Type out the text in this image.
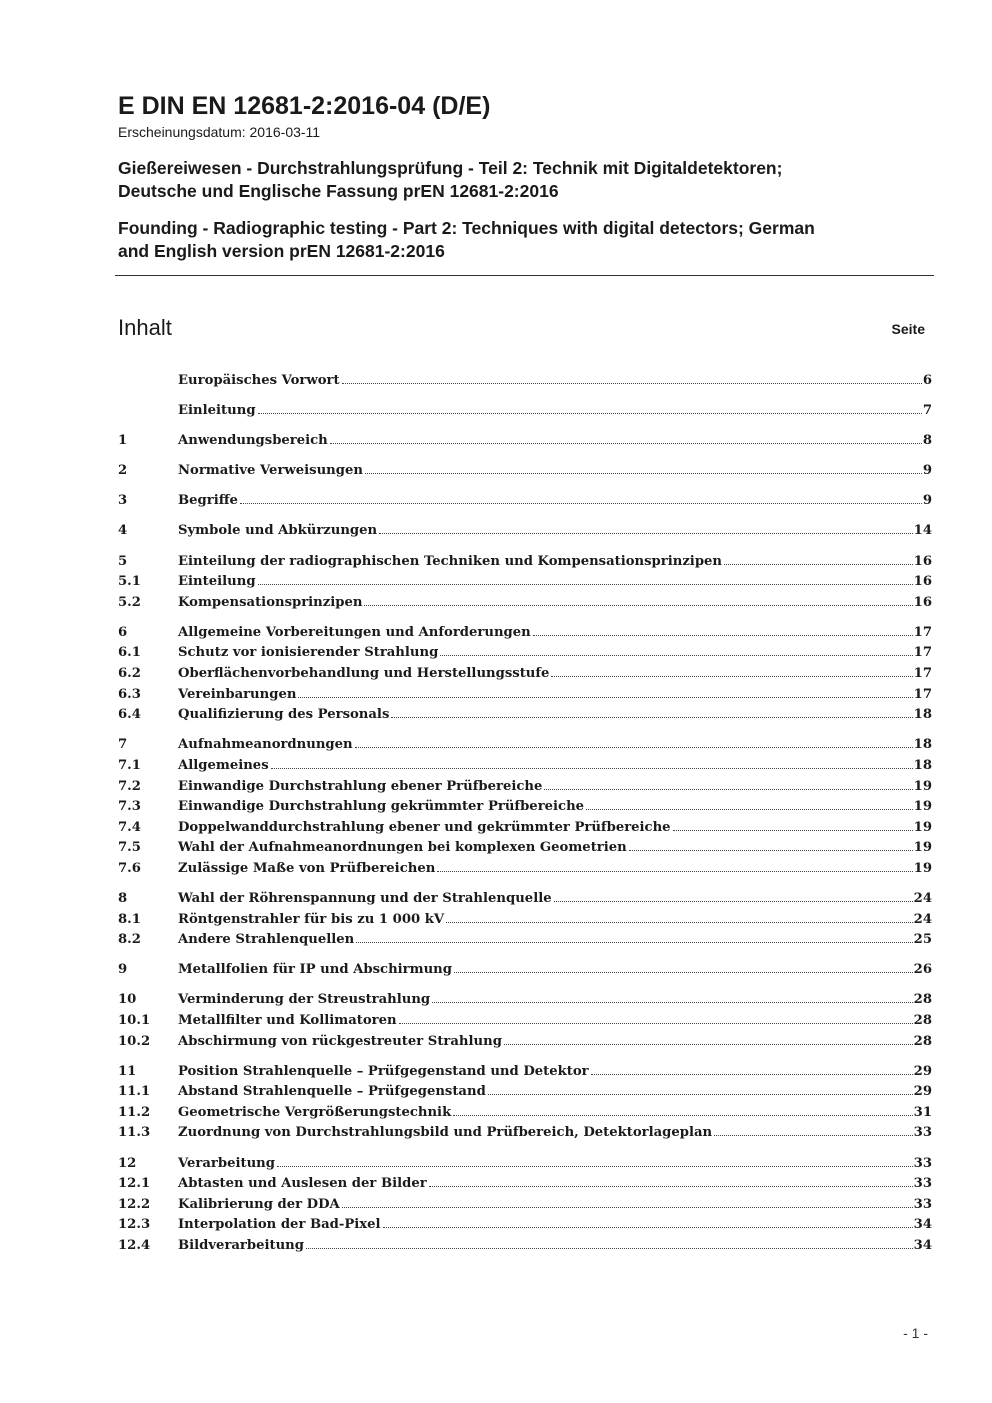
E DIN EN 12681-2:2016-04 (D/E)
Erscheinungsdatum: 2016-03-11
Gießereiwesen - Durchstrahlungsprüfung - Teil 2: Technik mit Digitaldetektoren;
Deutsche und Englische Fassung prEN 12681-2:2016
Founding - Radiographic testing - Part 2: Techniques with digital detectors; German
and English version prEN 12681-2:2016
Inhalt	Seite
Europäisches Vorwort	6
Einleitung	7
1	Anwendungsbereich	8
2	Normative Verweisungen	9
3	Begriffe	9
4	Symbole und Abkürzungen	14
5	Einteilung der radiographischen Techniken und Kompensationsprinzipen	16
5.1	Einteilung	16
5.2	Kompensationsprinzipen	16
6	Allgemeine Vorbereitungen und Anforderungen	17
6.1	Schutz vor ionisierender Strahlung	17
6.2	Oberflächenvorbehandlung und Herstellungsstufe	17
6.3	Vereinbarungen	17
6.4	Qualifizierung des Personals	18
7	Aufnahmeanordnungen	18
7.1	Allgemeines	18
7.2	Einwandige Durchstrahlung ebener Prüfbereiche	19
7.3	Einwandige Durchstrahlung gekrümmter Prüfbereiche	19
7.4	Doppelwanddurchstrahlung ebener und gekrümmter Prüfbereiche	19
7.5	Wahl der Aufnahmeanordnungen bei komplexen Geometrien	19
7.6	Zulässige Maße von Prüfbereichen	19
8	Wahl der Röhrenspannung und der Strahlenquelle	24
8.1	Röntgenstrahler für bis zu 1 000 kV	24
8.2	Andere Strahlenquellen	25
9	Metallfolien für IP und Abschirmung	26
10	Verminderung der Streustrahlung	28
10.1	Metallfilter und Kollimatoren	28
10.2	Abschirmung von rückgestreuter Strahlung	28
11	Position Strahlenquelle – Prüfgegenstand und Detektor	29
11.1	Abstand Strahlenquelle – Prüfgegenstand	29
11.2	Geometrische Vergrößerungstechnik	31
11.3	Zuordnung von Durchstrahlungsbild und Prüfbereich, Detektorlageplan	33
12	Verarbeitung	33
12.1	Abtasten und Auslesen der Bilder	33
12.2	Kalibrierung der DDA	33
12.3	Interpolation der Bad-Pixel	34
12.4	Bildverarbeitung	34
- 1 -
